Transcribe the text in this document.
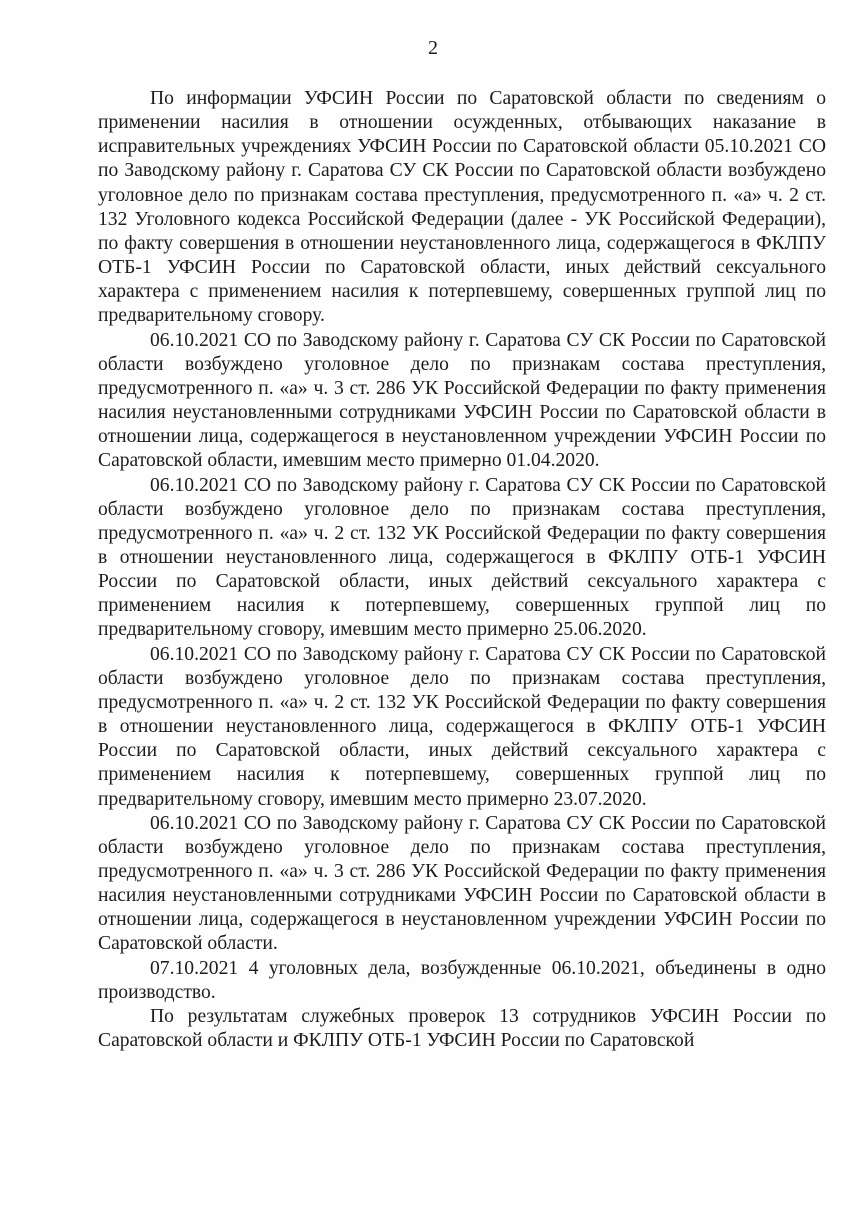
2

По информации УФСИН России по Саратовской области по сведениям о применении насилия в отношении осужденных, отбывающих наказание в исправительных учреждениях УФСИН России по Саратовской области 05.10.2021 СО по Заводскому району г. Саратова СУ СК России по Саратовской области возбуждено уголовное дело по признакам состава преступления, предусмотренного п. «а» ч. 2 ст. 132 Уголовного кодекса Российской Федерации (далее - УК Российской Федерации), по факту совершения в отношении неустановленного лица, содержащегося в ФКЛПУ ОТБ-1 УФСИН России по Саратовской области, иных действий сексуального характера с применением насилия к потерпевшему, совершенных группой лиц по предварительному сговору.

06.10.2021 СО по Заводскому району г. Саратова СУ СК России по Саратовской области возбуждено уголовное дело по признакам состава преступления, предусмотренного п. «а» ч. 3 ст. 286 УК Российской Федерации по факту применения насилия неустановленными сотрудниками УФСИН России по Саратовской области в отношении лица, содержащегося в неустановленном учреждении УФСИН России по Саратовской области, имевшим место примерно 01.04.2020.

06.10.2021 СО по Заводскому району г. Саратова СУ СК России по Саратовской области возбуждено уголовное дело по признакам состава преступления, предусмотренного п. «а» ч. 2 ст. 132 УК Российской Федерации по факту совершения в отношении неустановленного лица, содержащегося в ФКЛПУ ОТБ-1 УФСИН России по Саратовской области, иных действий сексуального характера с применением насилия к потерпевшему, совершенных группой лиц по предварительному сговору, имевшим место примерно 25.06.2020.

06.10.2021 СО по Заводскому району г. Саратова СУ СК России по Саратовской области возбуждено уголовное дело по признакам состава преступления, предусмотренного п. «а» ч. 2 ст. 132 УК Российской Федерации по факту совершения в отношении неустановленного лица, содержащегося в ФКЛПУ ОТБ-1 УФСИН России по Саратовской области, иных действий сексуального характера с применением насилия к потерпевшему, совершенных группой лиц по предварительному сговору, имевшим место примерно 23.07.2020.

06.10.2021 СО по Заводскому району г. Саратова СУ СК России по Саратовской области возбуждено уголовное дело по признакам состава преступления, предусмотренного п. «а» ч. 3 ст. 286 УК Российской Федерации по факту применения насилия неустановленными сотрудниками УФСИН России по Саратовской области в отношении лица, содержащегося в неустановленном учреждении УФСИН России по Саратовской области.

07.10.2021 4 уголовных дела, возбужденные 06.10.2021, объединены в одно производство.

По результатам служебных проверок 13 сотрудников УФСИН России по Саратовской области и ФКЛПУ ОТБ-1 УФСИН России по Саратовской
